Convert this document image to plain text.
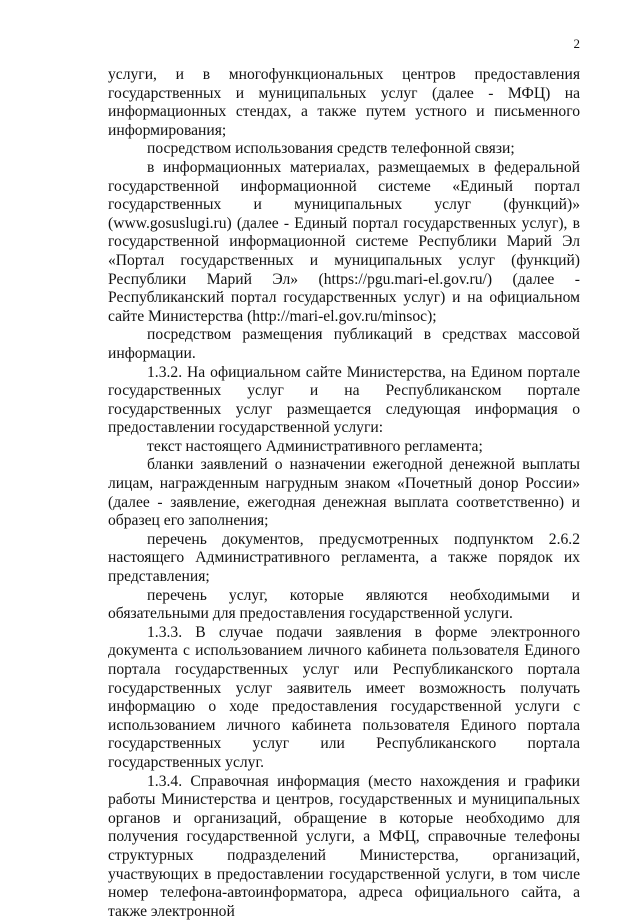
2

услуги, и в многофункциональных центров предоставления государственных и муниципальных услуг (далее - МФЦ) на информационных стендах, а также путем устного и письменного информирования;

посредством использования средств телефонной связи;

в информационных материалах, размещаемых в федеральной государственной информационной системе «Единый портал государственных и муниципальных услуг (функций)» (www.gosuslugi.ru) (далее - Единый портал государственных услуг), в государственной информационной системе Республики Марий Эл «Портал государственных и муниципальных услуг (функций) Республики Марий Эл» (https://pgu.mari-el.gov.ru/) (далее - Республиканский портал государственных услуг) и на официальном сайте Министерства (http://mari-el.gov.ru/minsoc);

посредством размещения публикаций в средствах массовой информации.

1.3.2. На официальном сайте Министерства, на Едином портале государственных услуг и на Республиканском портале государственных услуг размещается следующая информация о предоставлении государственной услуги:

текст настоящего Административного регламента;

бланки заявлений о назначении ежегодной денежной выплаты лицам, награжденным нагрудным знаком «Почетный донор России» (далее - заявление, ежегодная денежная выплата соответственно) и образец его заполнения;

перечень документов, предусмотренных подпунктом 2.6.2 настоящего Административного регламента, а также порядок их представления;

перечень услуг, которые являются необходимыми и обязательными для предоставления государственной услуги.

1.3.3. В случае подачи заявления в форме электронного документа с использованием личного кабинета пользователя Единого портала государственных услуг или Республиканского портала государственных услуг заявитель имеет возможность получать информацию о ходе предоставления государственной услуги с использованием личного кабинета пользователя Единого портала государственных услуг или Республиканского портала государственных услуг.

1.3.4. Справочная информация (место нахождения и графики работы Министерства и центров, государственных и муниципальных органов и организаций, обращение в которые необходимо для получения государственной услуги, а МФЦ, справочные телефоны структурных подразделений Министерства, организаций, участвующих в предоставлении государственной услуги, в том числе номер телефона-автоинформатора, адреса официального сайта, а также электронной
